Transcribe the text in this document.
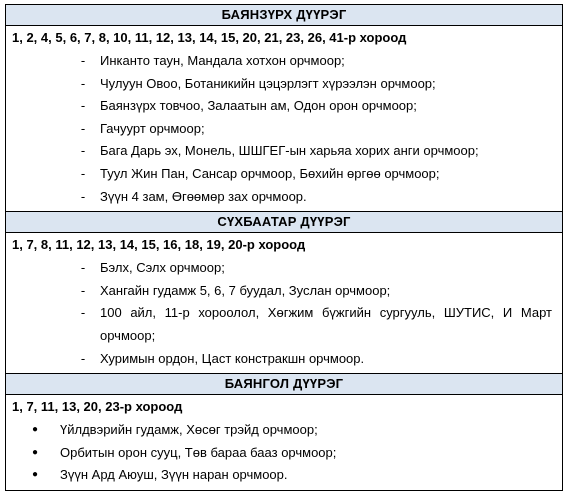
БАЯНЗҮРХ ДҮҮРЭГ
1, 2, 4, 5, 6, 7, 8, 10, 11, 12, 13, 14, 15, 20, 21, 23, 26, 41-р хороод
-	Инканто таун, Мандала хотхон орчмоор;
-	Чулуун Овоо, Ботаникийн цэцэрлэгт хүрээлэн орчмоор;
-	Баянзүрх товчоо, Залаатын ам, Одон орон орчмоор;
-	Гачуурт орчмоор;
-	Бага Дарь эх, Монель, ШШГЕГ-ын харьяа хорих анги орчмоор;
-	Туул Жин Пан, Сансар орчмоор, Бөхийн өргөө орчмоор;
-	Зүүн 4 зам, Өгөөмөр зах орчмоор.
СҮХБААТАР ДҮҮРЭГ
1, 7, 8, 11, 12, 13, 14, 15, 16, 18, 19, 20-р хороод
-	Бэлх, Сэлх орчмоор;
-	Хангайн гудамж 5, 6, 7 буудал, Зуслан орчмоор;
-	100 айл, 11-р хороолол, Хөгжим бүжгийн сургууль, ШУТИС, И Март
орчмоор;
-	Хуримын ордон, Цаст констракшн орчмоор.
БАЯНГОЛ ДҮҮРЭГ
1, 7, 11, 13, 20, 23-р хороод
● Үйлдвэрийн гудамж, Хөсөг трэйд орчмоор;
● Орбитын орон сууц, Төв бараа бааз орчмоор;
● Зүүн Ард Аюуш, Зүүн наран орчмоор.
